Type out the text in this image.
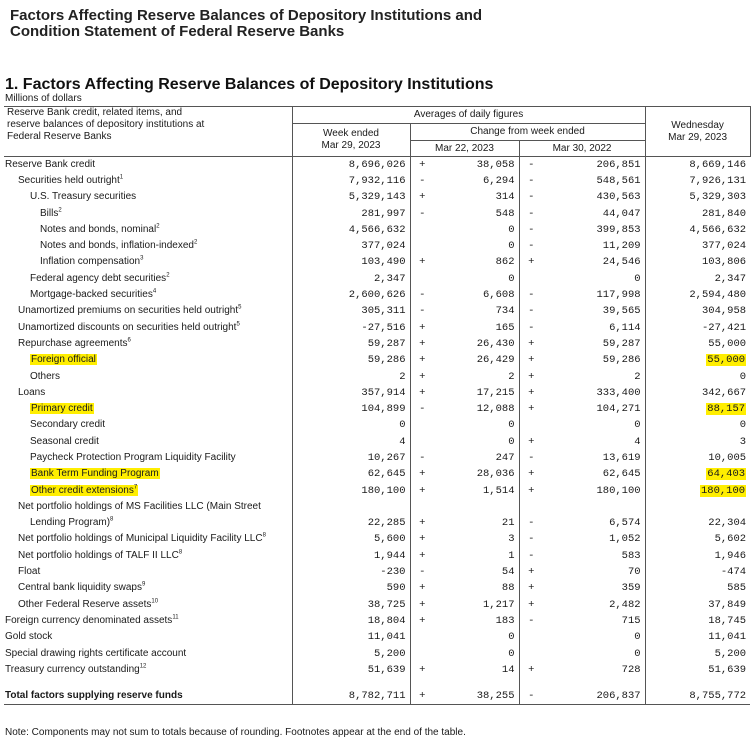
Factors Affecting Reserve Balances of Depository Institutions and
Condition Statement of Federal Reserve Banks
1. Factors Affecting Reserve Balances of Depository Institutions
Millions of dollars
Reserve Bank credit, related items, and
reserve balances of depository institutions at
Federal Reserve Banks	Averages of daily figures					Wednesday
Mar 29, 2023
	Week ended
Mar 29, 2023	Change from week ended				
		Mar 22, 2023		Mar 30, 2022		
Reserve Bank credit	8,696,026	+	38,058	-	206,851	8,669,146
Securities held outright$^1$	7,932,116	-	6,294	-	548,561	7,926,131
U.S. Treasury securities	5,329,143	+	314	-	430,563	5,329,303
Bills$^2$	281,997	-	548	-	44,047	281,840
Notes and bonds, nominal$^2$	4,566,632		0	-	399,853	4,566,632
Notes and bonds, inflation-indexed$^2$	377,024		0	-	11,209	377,024
Inflation compensation$^3$	103,490	+	862	+	24,546	103,806
Federal agency debt securities$^2$	2,347		0		0	2,347
Mortgage-backed securities$^4$	2,600,626	-	6,608	-	117,998	2,594,480
Unamortized premiums on securities held outright$^5$	305,311	-	734	-	39,565	304,958
Unamortized discounts on securities held outright$^5$	-27,516	+	165	-	6,114	-27,421
Repurchase agreements$^6$	59,287	+	26,430	+	59,287	55,000
Foreign official	59,286	+	26,429	+	59,286	55,000
Others	2	+	2	+	2	0
Loans	357,914	+	17,215	+	333,400	342,667
Primary credit	104,899	-	12,088	+	104,271	88,157
Secondary credit	0		0		0	0
Seasonal credit	4		0	+	4	3
Paycheck Protection Program Liquidity Facility	10,267	-	247	-	13,619	10,005
Bank Term Funding Program	62,645	+	28,036	+	62,645	64,403
Other credit extensions$^7$	180,100	+	1,514	+	180,100	180,100
Net portfolio holdings of MS Facilities LLC (Main Street						
Lending Program)$^8$	22,285	+	21	-	6,574	22,304
Net portfolio holdings of Municipal Liquidity Facility LLC$^8$	5,600	+	3	-	1,052	5,602
Net portfolio holdings of TALF II LLC$^8$	1,944	+	1	-	583	1,946
Float	-230	-	54	+	70	-474
Central bank liquidity swaps$^9$	590	+	88	+	359	585
Other Federal Reserve assets$^{10}$	38,725	+	1,217	+	2,482	37,849
Foreign currency denominated assets$^{11}$	18,804	+	183	-	715	18,745
Gold stock	11,041		0		0	11,041
Special drawing rights certificate account	5,200		0		0	5,200
Treasury currency outstanding$^{12}$	51,639	+	14	+	728	51,639

Total factors supplying reserve funds	8,782,711	+	38,255	-	206,837	8,755,772
Note: Components may not sum to totals because of rounding. Footnotes appear at the end of the table.
